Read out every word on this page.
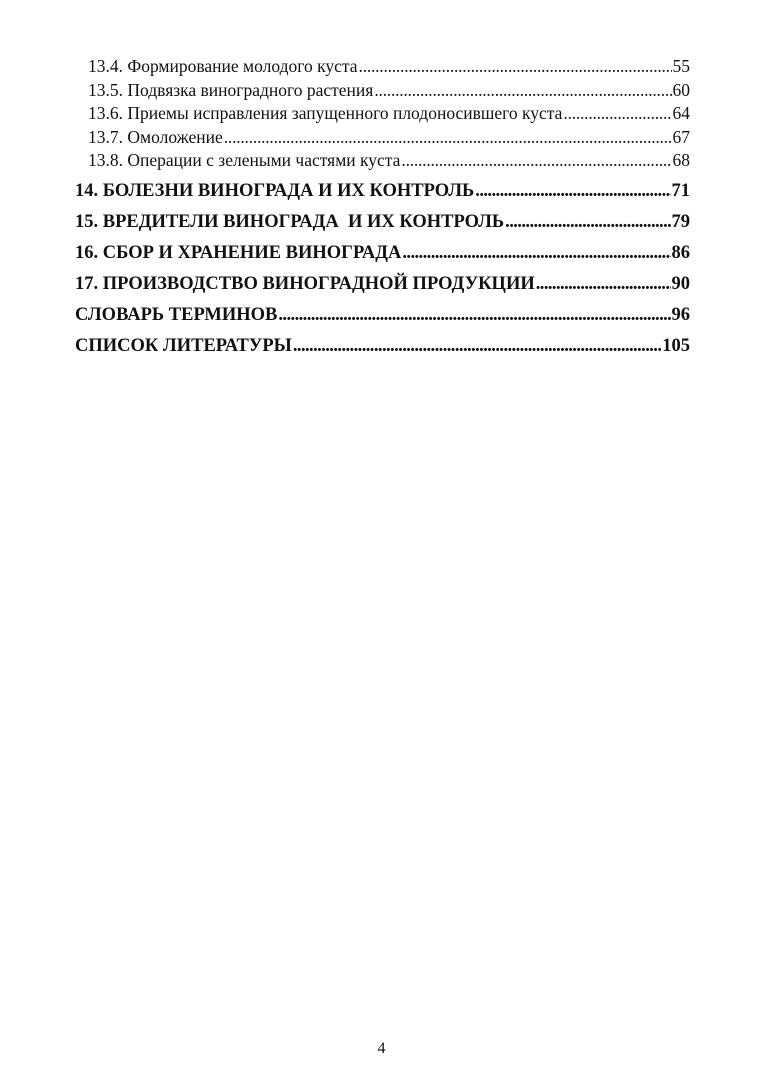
13.4. Формирование молодого куста . . .	55
13.5. Подвязка виноградного растения . . .	60
13.6. Приемы исправления запущенного плодоносившего куста . . .	64
13.7. Омоложение . . .	67
13.8. Операции с зелеными частями куста . . .	68
14. БОЛЕЗНИ ВИНОГРАДА И ИХ КОНТРОЛЬ . . .	71
15. ВРЕДИТЕЛИ ВИНОГРАДА  И ИХ КОНТРОЛЬ . . .	79
16. СБОР И ХРАНЕНИЕ ВИНОГРАДА . . .	86
17. ПРОИЗВОДСТВО ВИНОГРАДНОЙ ПРОДУКЦИИ . . .	90
СЛОВАРЬ ТЕРМИНОВ . . .	96
СПИСОК ЛИТЕРАТУРЫ . . .	105
4
